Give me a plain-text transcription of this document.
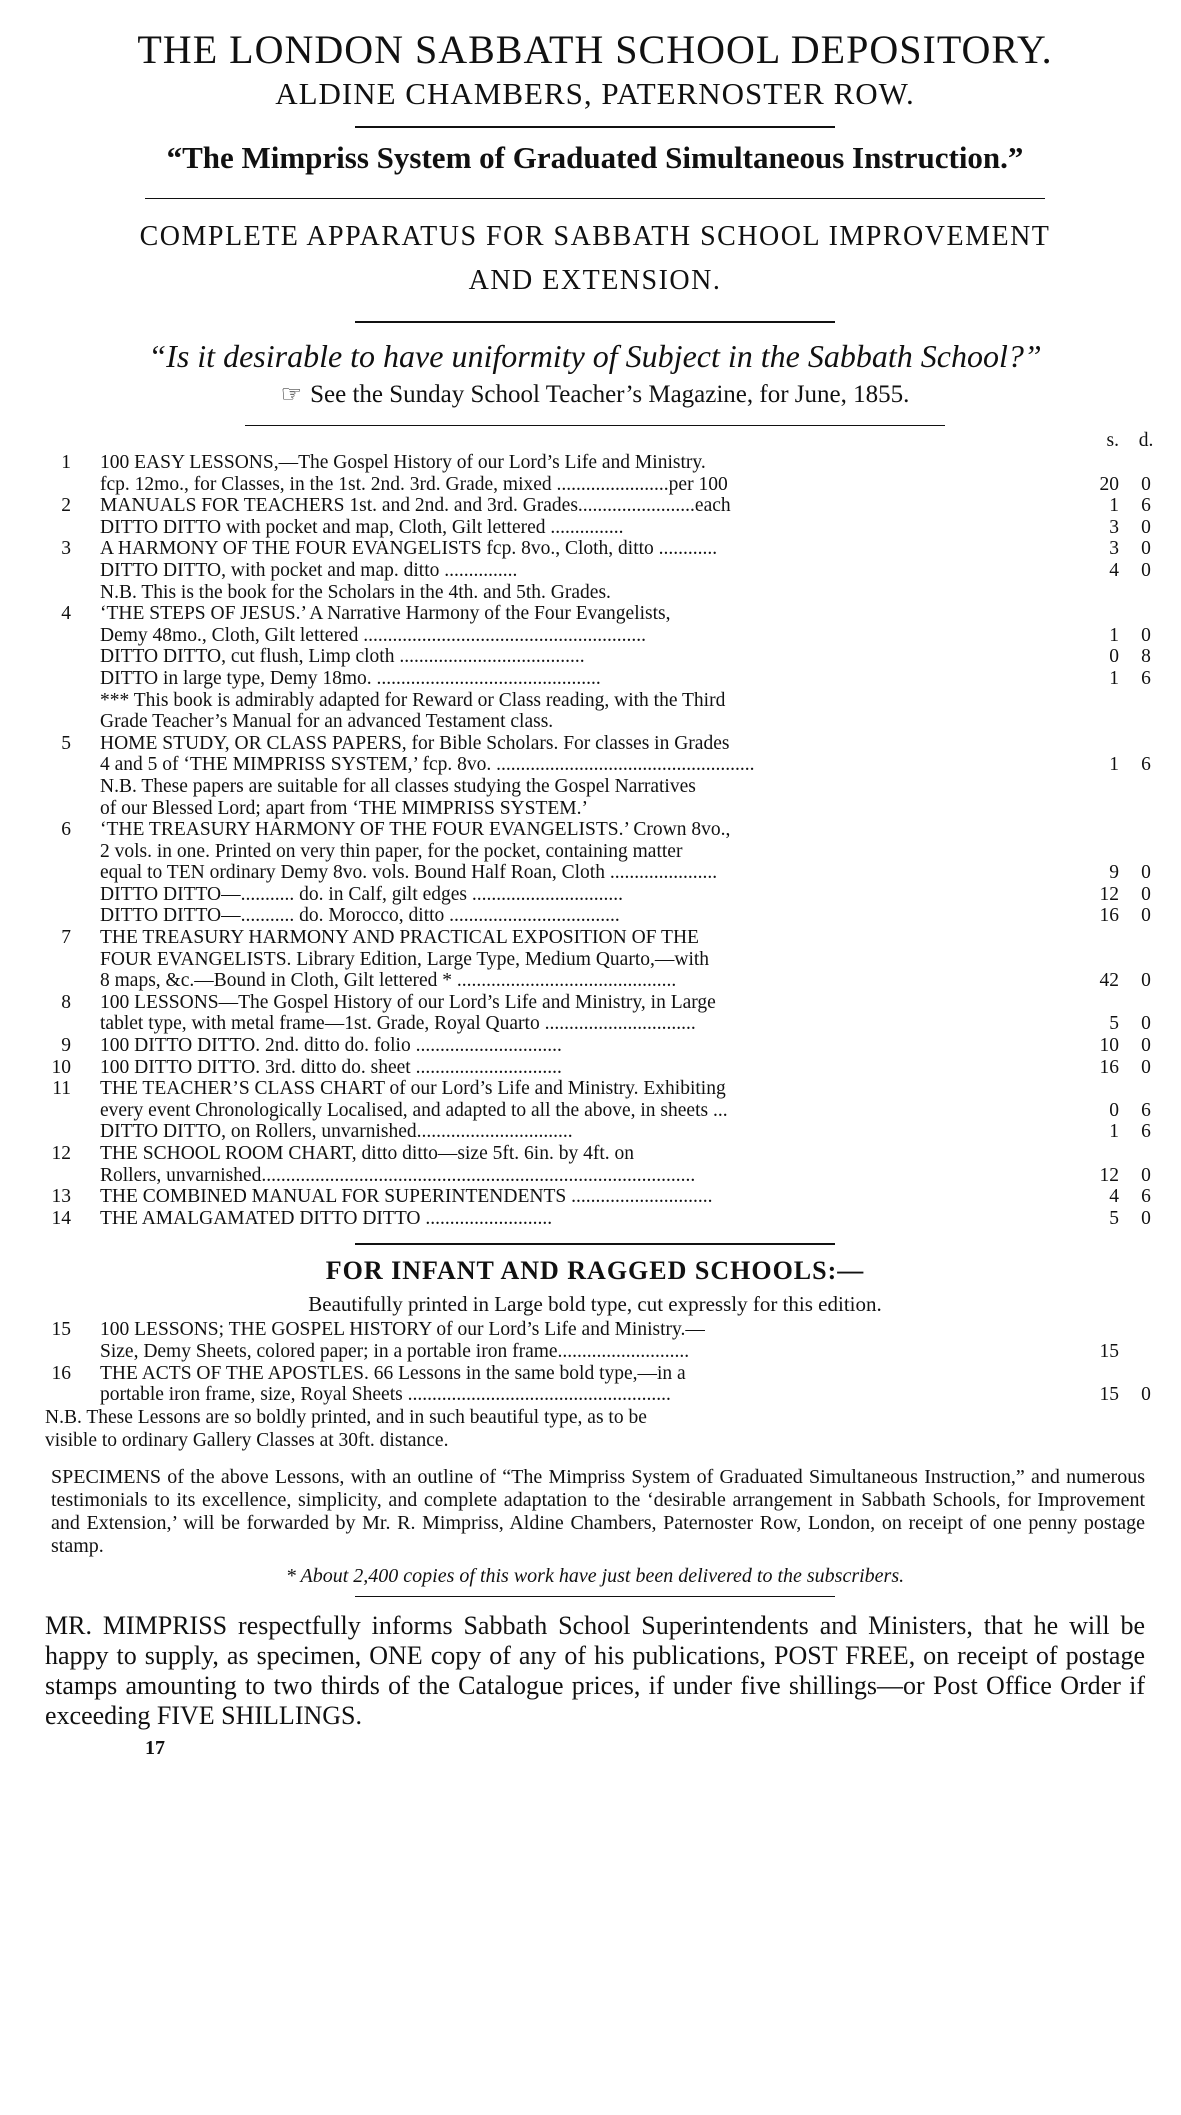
THE LONDON SABBATH SCHOOL DEPOSITORY.
ALDINE CHAMBERS, PATERNOSTER ROW.
“The Mimpriss System of Graduated Simultaneous Instruction.”
COMPLETE APPARATUS FOR SABBATH SCHOOL IMPROVEMENT
AND EXTENSION.
“Is it desirable to have uniformity of Subject in the Sabbath School?”
☞ See the Sunday School Teacher’s Magazine, for June, 1855.
s. d.
1 100 EASY LESSONS,—The Gospel History of our Lord’s Life and Ministry.
fcp. 12mo., for Classes, in the 1st. 2nd. 3rd. Grade, mixed .......................per 100	20	0
2 MANUALS FOR TEACHERS 1st. and 2nd. and 3rd. Grades........................each	1	6
DITTO DITTO with pocket and map, Cloth, Gilt lettered ...............	3	0
3 A HARMONY OF THE FOUR EVANGELISTS fcp. 8vo., Cloth, ditto ............	3	0
DITTO DITTO, with pocket and map. ditto ...............	4	0
N.B. This is the book for the Scholars in the 4th. and 5th. Grades.
4 ‘THE STEPS OF JESUS.’ A Narrative Harmony of the Four Evangelists,
Demy 48mo., Cloth, Gilt lettered ..........................................................	1	0
DITTO DITTO, cut flush, Limp cloth ......................................	0	8
DITTO in large type, Demy 18mo. ..............................................	1	6
*** This book is admirably adapted for Reward or Class reading, with the Third
Grade Teacher’s Manual for an advanced Testament class.
5 HOME STUDY, OR CLASS PAPERS, for Bible Scholars. For classes in Grades
4 and 5 of ‘THE MIMPRISS SYSTEM,’ fcp. 8vo. .....................................................	1	6
N.B. These papers are suitable for all classes studying the Gospel Narratives
of our Blessed Lord; apart from ‘THE MIMPRISS SYSTEM.’
6 ‘THE TREASURY HARMONY OF THE FOUR EVANGELISTS.’ Crown 8vo.,
2 vols. in one. Printed on very thin paper, for the pocket, containing matter
equal to TEN ordinary Demy 8vo. vols. Bound Half Roan, Cloth ......................	9	0
DITTO DITTO—........... do. in Calf, gilt edges ...............................	12	0
DITTO DITTO—........... do. Morocco, ditto ...................................	16	0
7 THE TREASURY HARMONY AND PRACTICAL EXPOSITION OF THE
FOUR EVANGELISTS. Library Edition, Large Type, Medium Quarto,—with
8 maps, &c.—Bound in Cloth, Gilt lettered * .............................................	42	0
8 100 LESSONS—The Gospel History of our Lord’s Life and Ministry, in Large
tablet type, with metal frame—1st. Grade, Royal Quarto ...............................	5	0
9 100 DITTO DITTO. 2nd. ditto do. folio ..............................	10	0
10 100 DITTO DITTO. 3rd. ditto do. sheet ..............................	16	0
11 THE TEACHER’S CLASS CHART of our Lord’s Life and Ministry. Exhibiting
every event Chronologically Localised, and adapted to all the above, in sheets ...	0	6
DITTO DITTO, on Rollers, unvarnished................................	1	6
12 THE SCHOOL ROOM CHART, ditto ditto—size 5ft. 6in. by 4ft. on
Rollers, unvarnished.........................................................................................	12	0
13 THE COMBINED MANUAL FOR SUPERINTENDENTS .............................	4	6
14 THE AMALGAMATED DITTO DITTO ..........................	5	0
FOR INFANT AND RAGGED SCHOOLS:—
Beautifully printed in Large bold type, cut expressly for this edition.
15 100 LESSONS; THE GOSPEL HISTORY of our Lord’s Life and Ministry.—
Size, Demy Sheets, colored paper; in a portable iron frame...........................	15
16 THE ACTS OF THE APOSTLES. 66 Lessons in the same bold type,—in a
portable iron frame, size, Royal Sheets ......................................................	15	0
N.B. These Lessons are so boldly printed, and in such beautiful type, as to be
visible to ordinary Gallery Classes at 30ft. distance.
SPECIMENS of the above Lessons, with an outline of “The Mimpriss System of Graduated Simultaneous Instruction,” and numerous testimonials to its excellence, simplicity, and complete adaptation to the ‘desirable arrangement in Sabbath Schools, for Improvement and Extension,’ will be forwarded by Mr. R. Mimpriss, Aldine Chambers, Paternoster Row, London, on receipt of one penny postage stamp.
* About 2,400 copies of this work have just been delivered to the subscribers.
MR. MIMPRISS respectfully informs Sabbath School Superintendents and Ministers, that he will be happy to supply, as specimen, ONE copy of any of his publications, POST FREE, on receipt of postage stamps amounting to two thirds of the Catalogue prices, if under five shillings—or Post Office Order if exceeding FIVE SHILLINGS.
17
